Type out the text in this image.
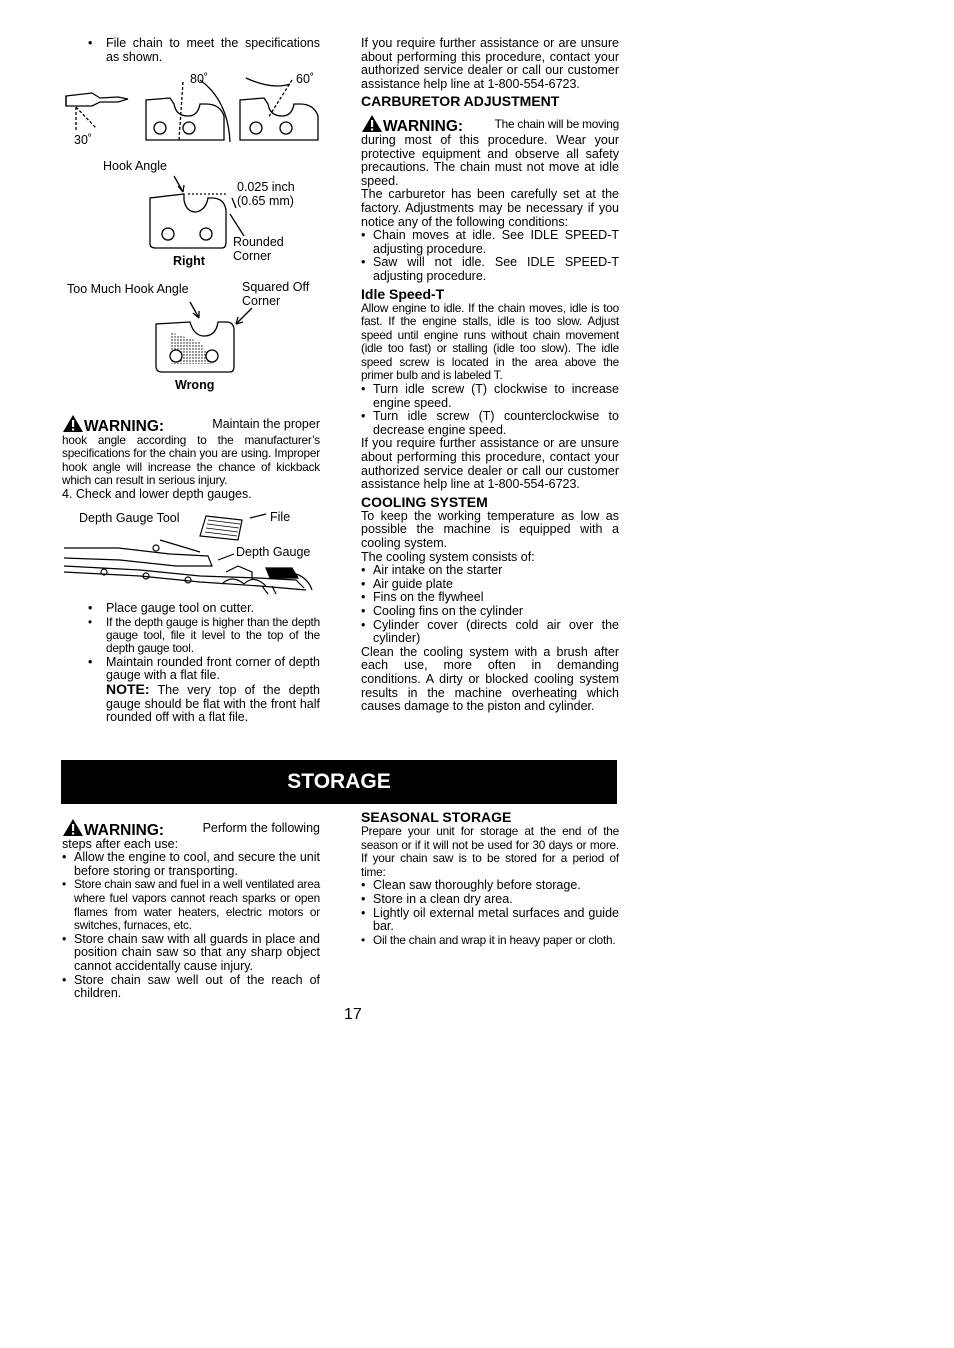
• File chain to meet the specifications as shown.
80˚	60˚
30˚
Hook Angle
0.025 inch
(0.65 mm)
Rounded
Corner
Right
Too Much Hook Angle	Squared Off
Corner
Wrong

WARNING:	Maintain the proper

hook angle according to the manufacturer’s specifications for the chain you are using. Improper hook angle will increase the chance of kickback which can result in serious injury.

4. Check and lower depth gauges.

Depth Gauge Tool	File
Depth Gauge
• Place gauge tool on cutter.
• If the depth gauge is higher than the depth gauge tool, file it level to the top of the depth gauge tool.
• Maintain rounded front corner of depth gauge with a flat file.

NOTE: The very top of the depth gauge should be flat with the front half rounded off with a flat file.

If you require further assistance or are unsure about performing this procedure, contact your authorized service dealer or call our customer assistance help line at 1-800-554-6723.

CARBURETOR ADJUSTMENT

WARNING:	The chain will be moving

during most of this procedure. Wear your protective equipment and observe all safety precautions. The chain must not move at idle speed.

The carburetor has been carefully set at the factory. Adjustments may be necessary if you notice any of the following conditions:

• Chain moves at idle. See IDLE SPEED-T adjusting procedure.
• Saw will not idle. See IDLE SPEED-T adjusting procedure.

Idle Speed-T

Allow engine to idle. If the chain moves, idle is too fast. If the engine stalls, idle is too slow. Adjust speed until engine runs without chain movement (idle too fast) or stalling (idle too slow). The idle speed screw is located in the area above the primer bulb and is labeled T.

• Turn idle screw (T) clockwise to increase engine speed.
• Turn idle screw (T) counterclockwise to decrease engine speed.

If you require further assistance or are unsure about performing this procedure, contact your authorized service dealer or call our customer assistance help line at 1-800-554-6723.

COOLING SYSTEM

To keep the working temperature as low as possible the machine is equipped with a cooling system.

The cooling system consists of:

• Air intake on the starter
• Air guide plate
• Fins on the flywheel
• Cooling fins on the cylinder
• Cylinder cover (directs cold air over the cylinder)

Clean the cooling system with a brush after each use, more often in demanding conditions. A dirty or blocked cooling system results in the machine overheating which causes damage to the piston and cylinder.

STORAGE

WARNING:	Perform the following

steps after each use:

• Allow the engine to cool, and secure the unit before storing or transporting.
• Store chain saw and fuel in a well ventilated area where fuel vapors cannot reach sparks or open flames from water heaters, electric motors or switches, furnaces, etc.
• Store chain saw with all guards in place and position chain saw so that any sharp object cannot accidentally cause injury.
• Store chain saw well out of the reach of children.

SEASONAL STORAGE

Prepare your unit for storage at the end of the season or if it will not be used for 30 days or more. If your chain saw is to be stored for a period of time:

• Clean saw thoroughly before storage.
• Store in a clean dry area.
• Lightly oil external metal surfaces and guide bar.
• Oil the chain and wrap it in heavy paper or cloth.
17
